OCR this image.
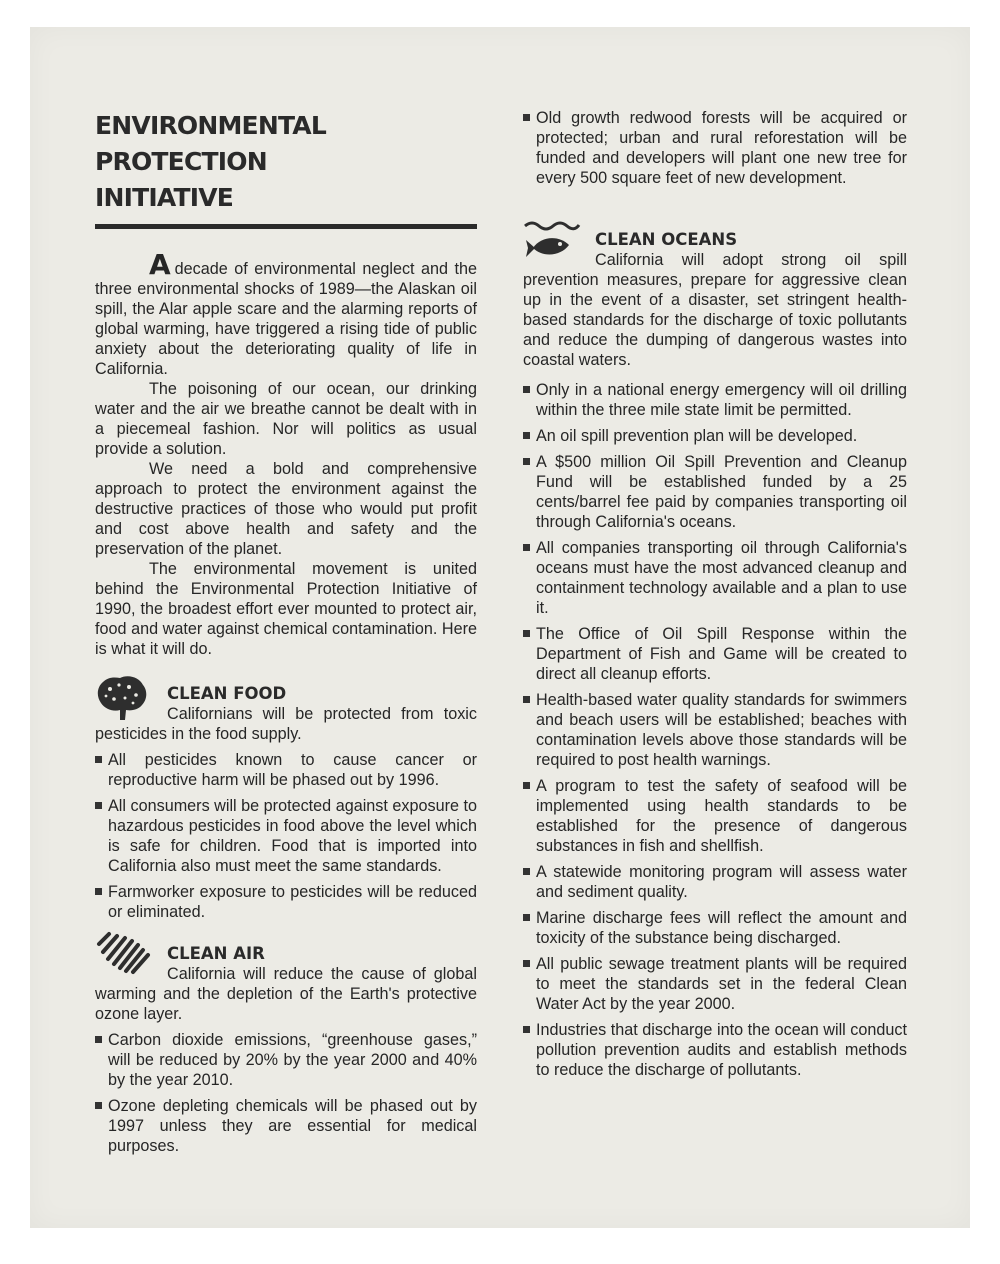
ENVIRONMENTAL
PROTECTION
INITIATIVE

Adecade of environmental neglect and the three environmental shocks of 1989—the Alaskan oil spill, the Alar apple scare and the alarming reports of global warming, have triggered a rising tide of public anxiety about the deteriorating quality of life in California.

The poisoning of our ocean, our drinking water and the air we breathe cannot be dealt with in a piecemeal fashion. Nor will politics as usual provide a solution.

We need a bold and comprehensive approach to protect the environment against the destructive practices of those who would put profit and cost above health and safety and the preservation of the planet.

The environmental movement is united behind the Environmental Protection Initiative of 1990, the broadest effort ever mounted to protect air, food and water against chemical contamination. Here is what it will do.

CLEAN FOOD

Californians will be protected from toxic pesticides in the food supply.

All pesticides known to cause cancer or reproductive harm will be phased out by 1996.
All consumers will be protected against exposure to hazardous pesticides in food above the level which is safe for children. Food that is imported into California also must meet the same standards.
Farmworker exposure to pesticides will be reduced or eliminated.
CLEAN AIR

California will reduce the cause of global warming and the depletion of the Earth's protective ozone layer.

Carbon dioxide emissions, “greenhouse gases,” will be reduced by 20% by the year 2000 and 40% by the year 2010.
Ozone depleting chemicals will be phased out by 1997 unless they are essential for medical purposes.
Old growth redwood forests will be acquired or protected; urban and rural reforestation will be funded and developers will plant one new tree for every 500 square feet of new development.
CLEAN OCEANS

California will adopt strong oil spill prevention measures, prepare for aggressive clean up in the event of a disaster, set stringent health-based standards for the discharge of toxic pollutants and reduce the dumping of dangerous wastes into coastal waters.

Only in a national energy emergency will oil drilling within the three mile state limit be permitted.
An oil spill prevention plan will be developed.
A $500 million Oil Spill Prevention and Cleanup Fund will be established funded by a 25 cents/barrel fee paid by companies transporting oil through California's oceans.
All companies transporting oil through California's oceans must have the most advanced cleanup and containment technology available and a plan to use it.
The Office of Oil Spill Response within the Department of Fish and Game will be created to direct all cleanup efforts.
Health-based water quality standards for swimmers and beach users will be established; beaches with contamination levels above those standards will be required to post health warnings.
A program to test the safety of seafood will be implemented using health standards to be established for the presence of dangerous substances in fish and shellfish.
A statewide monitoring program will assess water and sediment quality.
Marine discharge fees will reflect the amount and toxicity of the substance being discharged.
All public sewage treatment plants will be required to meet the standards set in the federal Clean Water Act by the year 2000.
Industries that discharge into the ocean will conduct pollution prevention audits and establish methods to reduce the discharge of pollutants.
